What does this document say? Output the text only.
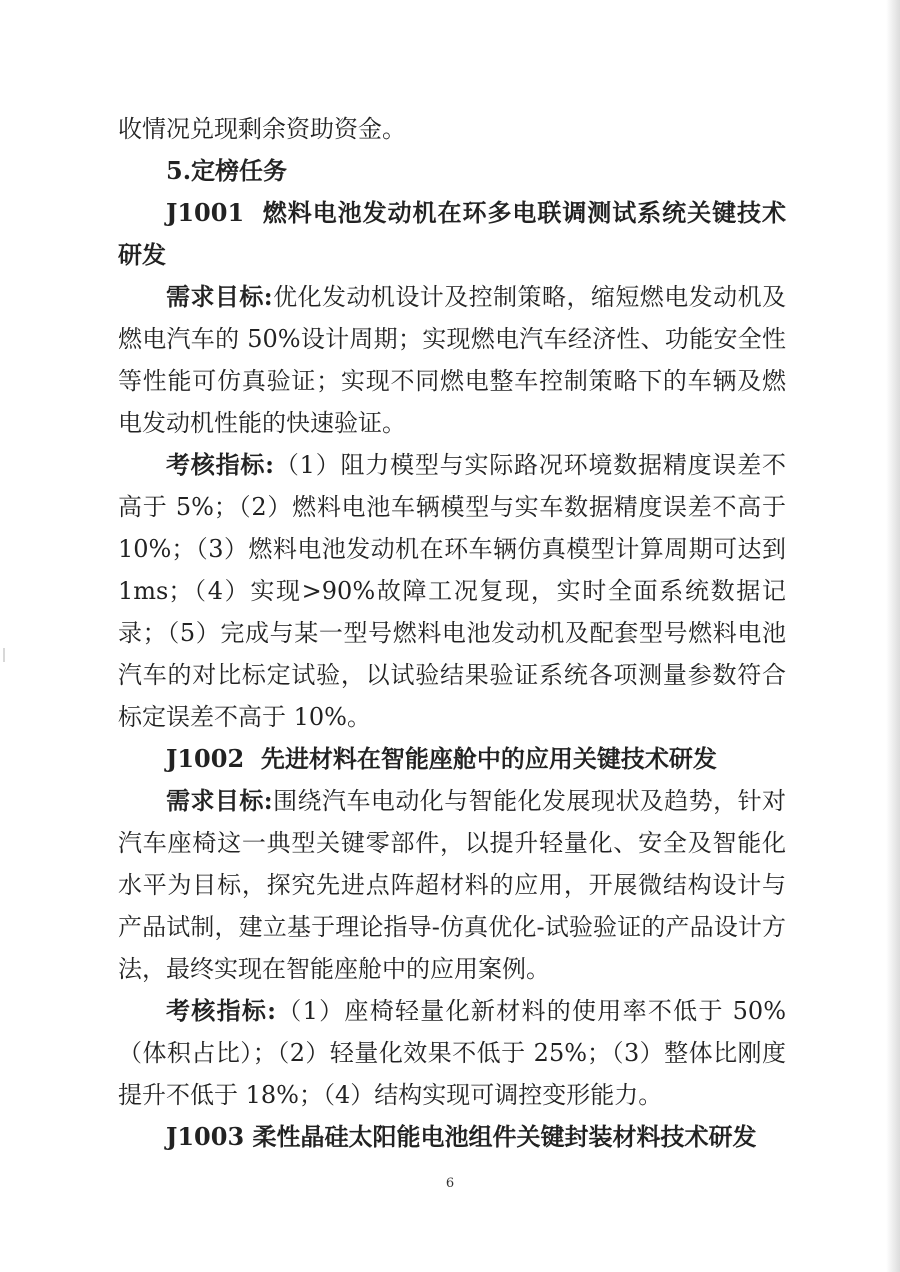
收情况兑现剩余资助资金。

5.定榜任务

J1001 燃料电池发动机在环多电联调测试系统关键技术研发

需求目标:优化发动机设计及控制策略，缩短燃电发动机及燃电汽车的 50%设计周期；实现燃电汽车经济性、功能安全性等性能可仿真验证；实现不同燃电整车控制策略下的车辆及燃电发动机性能的快速验证。

考核指标:（1）阻力模型与实际路况环境数据精度误差不高于 5%；（2）燃料电池车辆模型与实车数据精度误差不高于 10%；（3）燃料电池发动机在环车辆仿真模型计算周期可达到 1ms；（4）实现>90%故障工况复现，实时全面系统数据记录；（5）完成与某一型号燃料电池发动机及配套型号燃料电池汽车的对比标定试验，以试验结果验证系统各项测量参数符合标定误差不高于 10%。

J1002 先进材料在智能座舱中的应用关键技术研发

需求目标:围绕汽车电动化与智能化发展现状及趋势，针对汽车座椅这一典型关键零部件，以提升轻量化、安全及智能化水平为目标，探究先进点阵超材料的应用，开展微结构设计与产品试制，建立基于理论指导-仿真优化-试验验证的产品设计方法，最终实现在智能座舱中的应用案例。

考核指标:（1）座椅轻量化新材料的使用率不低于 50%（体积占比）；（2）轻量化效果不低于 25%；（3）整体比刚度提升不低于 18%；（4）结构实现可调控变形能力。

J1003 柔性晶硅太阳能电池组件关键封装材料技术研发

6
